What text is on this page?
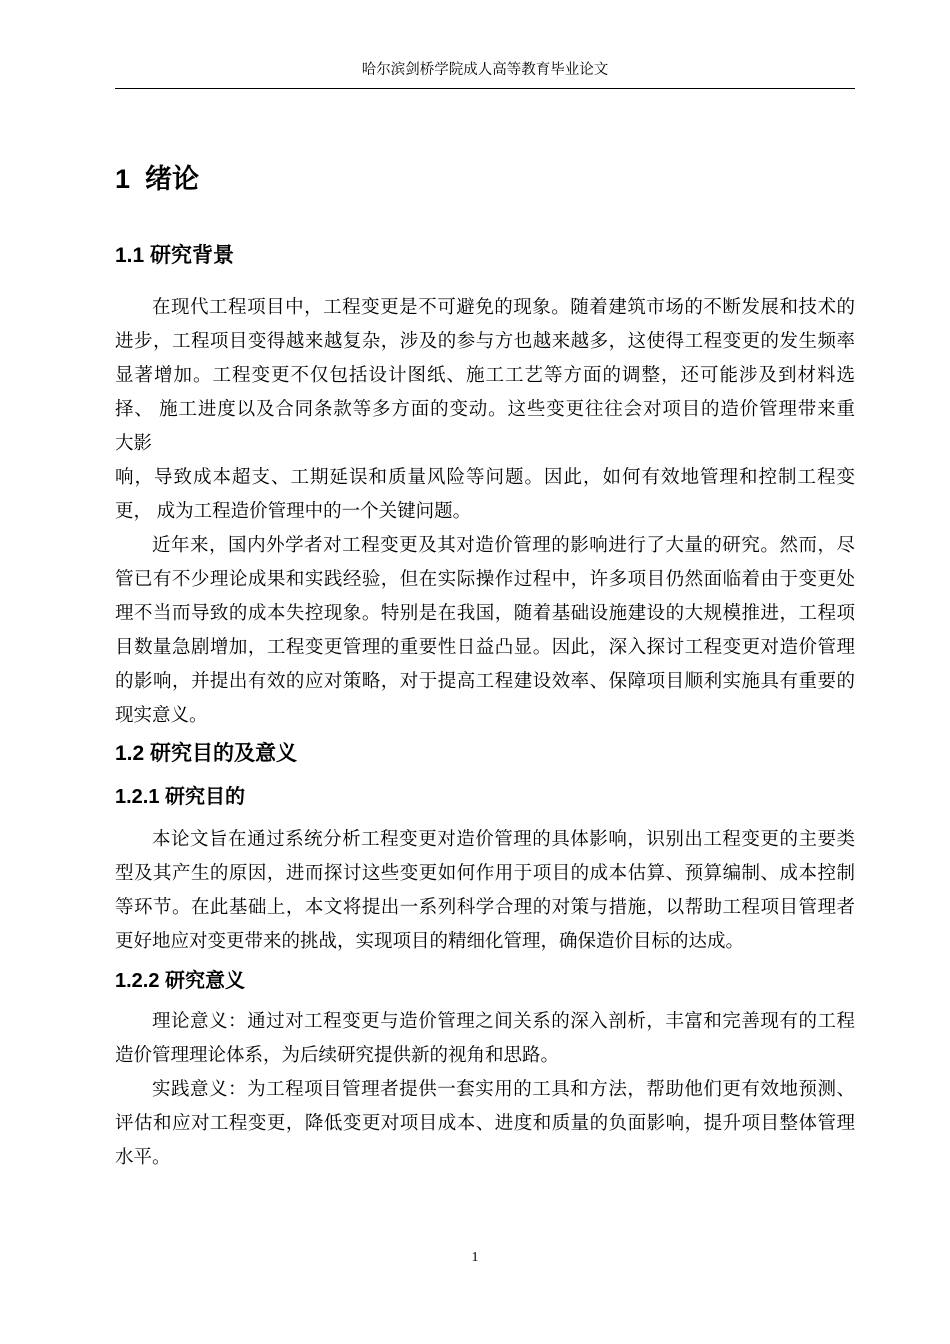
哈尔滨剑桥学院成人高等教育毕业论文
1  绪论
1.1 研究背景

在现代工程项目中，工程变更是不可避免的现象。随着建筑市场的不断发展和技术的

进步，工程项目变得越来越复杂，涉及的参与方也越来越多，这使得工程变更的发生频率

显著增加。工程变更不仅包括设计图纸、施工工艺等方面的调整，还可能涉及到材料选

择、 施工进度以及合同条款等多方面的变动。这些变更往往会对项目的造价管理带来重

大影

响，导致成本超支、工期延误和质量风险等问题。因此，如何有效地管理和控制工程变

更， 成为工程造价管理中的一个关键问题。

近年来，国内外学者对工程变更及其对造价管理的影响进行了大量的研究。然而，尽

管已有不少理论成果和实践经验，但在实际操作过程中，许多项目仍然面临着由于变更处

理不当而导致的成本失控现象。特别是在我国，随着基础设施建设的大规模推进，工程项

目数量急剧增加，工程变更管理的重要性日益凸显。因此，深入探讨工程变更对造价管理

的影响，并提出有效的应对策略，对于提高工程建设效率、保障项目顺利实施具有重要的

现实意义。

1.2 研究目的及意义
1.2.1 研究目的

本论文旨在通过系统分析工程变更对造价管理的具体影响，识别出工程变更的主要类

型及其产生的原因，进而探讨这些变更如何作用于项目的成本估算、预算编制、成本控制

等环节。在此基础上，本文将提出一系列科学合理的对策与措施，以帮助工程项目管理者

更好地应对变更带来的挑战，实现项目的精细化管理，确保造价目标的达成。

1.2.2 研究意义

理论意义：通过对工程变更与造价管理之间关系的深入剖析，丰富和完善现有的工程

造价管理理论体系，为后续研究提供新的视角和思路。

实践意义：为工程项目管理者提供一套实用的工具和方法，帮助他们更有效地预测、

评估和应对工程变更，降低变更对项目成本、进度和质量的负面影响，提升项目整体管理

水平。

1
